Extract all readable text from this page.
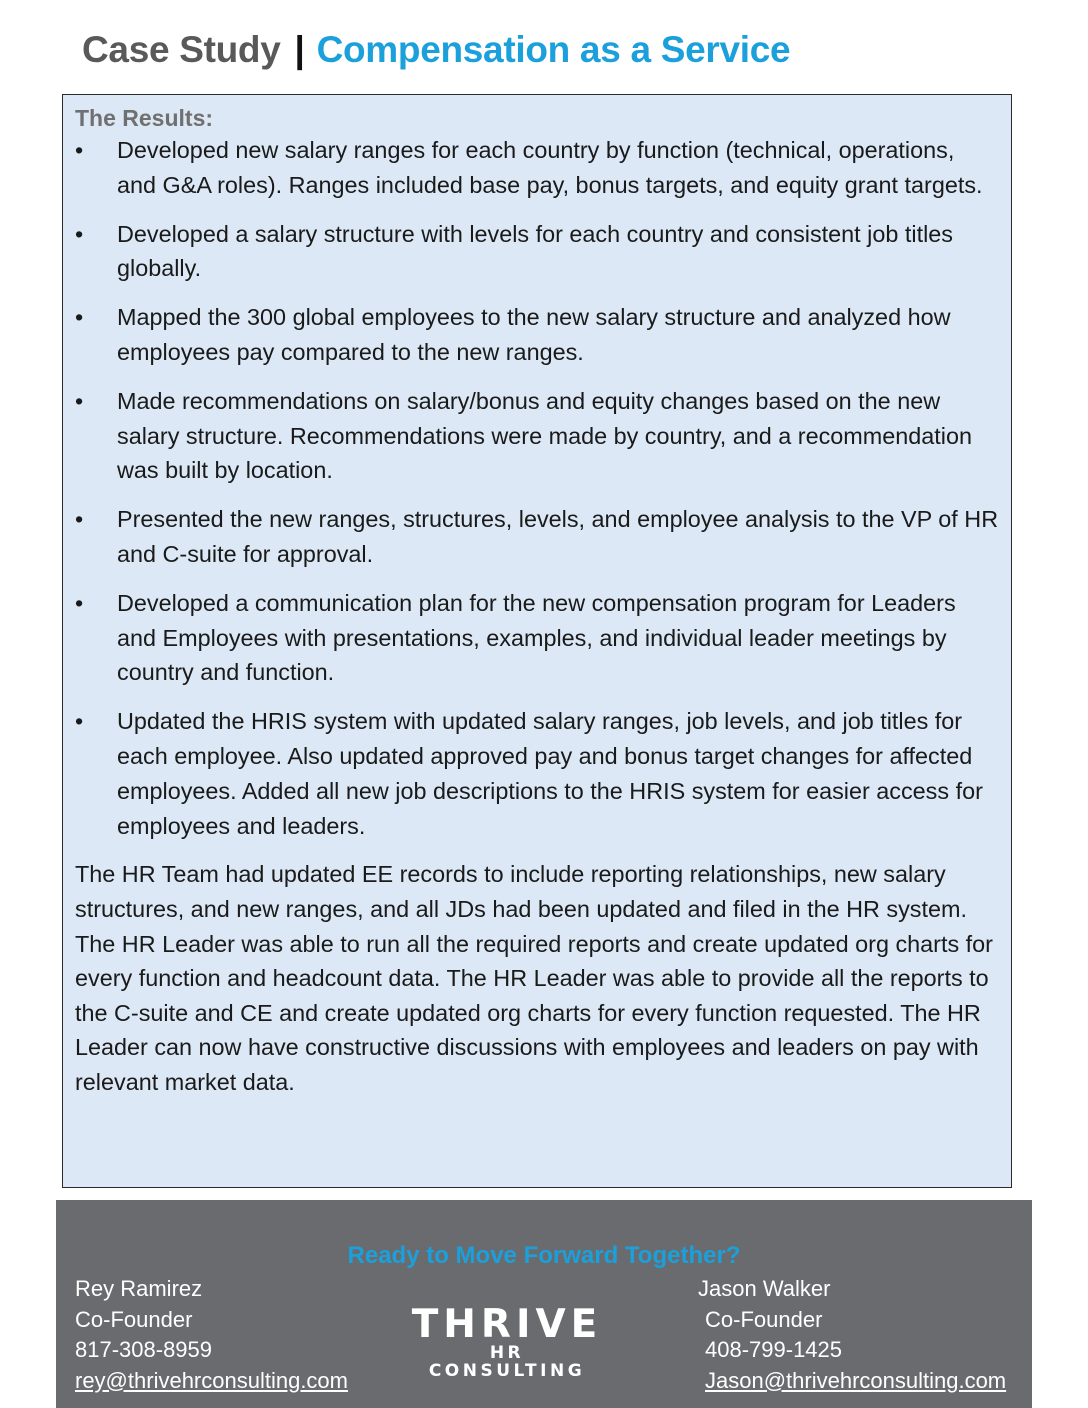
Case Study | Compensation as a Service
The Results:
•	Developed new salary ranges for each country by function (technical, operations, and G&A roles). Ranges included base pay, bonus targets, and equity grant targets.
•	Developed a salary structure with levels for each country and consistent job titles globally.
•	Mapped the 300 global employees to the new salary structure and analyzed how employees pay compared to the new ranges.
•	Made recommendations on salary/bonus and equity changes based on the new salary structure. Recommendations were made by country, and a recommendation was built by location.
•	Presented the new ranges, structures, levels, and employee analysis to the VP of HR and C-suite for approval.
•	Developed a communication plan for the new compensation program for Leaders and Employees with presentations, examples, and individual leader meetings by country and function.
•	Updated the HRIS system with updated salary ranges, job levels, and job titles for each employee. Also updated approved pay and bonus target changes for affected employees. Added all new job descriptions to the HRIS system for easier access for employees and leaders.

The HR Team had updated EE records to include reporting relationships, new salary structures, and new ranges, and all JDs had been updated and filed in the HR system. The HR Leader was able to run all the required reports and create updated org charts for every function and headcount data. The HR Leader was able to provide all the reports to the C-suite and CE and create updated org charts for every function requested. The HR Leader can now have constructive discussions with employees and leaders on pay with relevant market data.

Ready to Move Forward Together?
Rey Ramirez
Co-Founder
817-308-8959
rey@thrivehrconsulting.com
THRIVE
HR CONSULTING
Jason Walker
Co-Founder
408-799-1425
Jason@thrivehrconsulting.com
